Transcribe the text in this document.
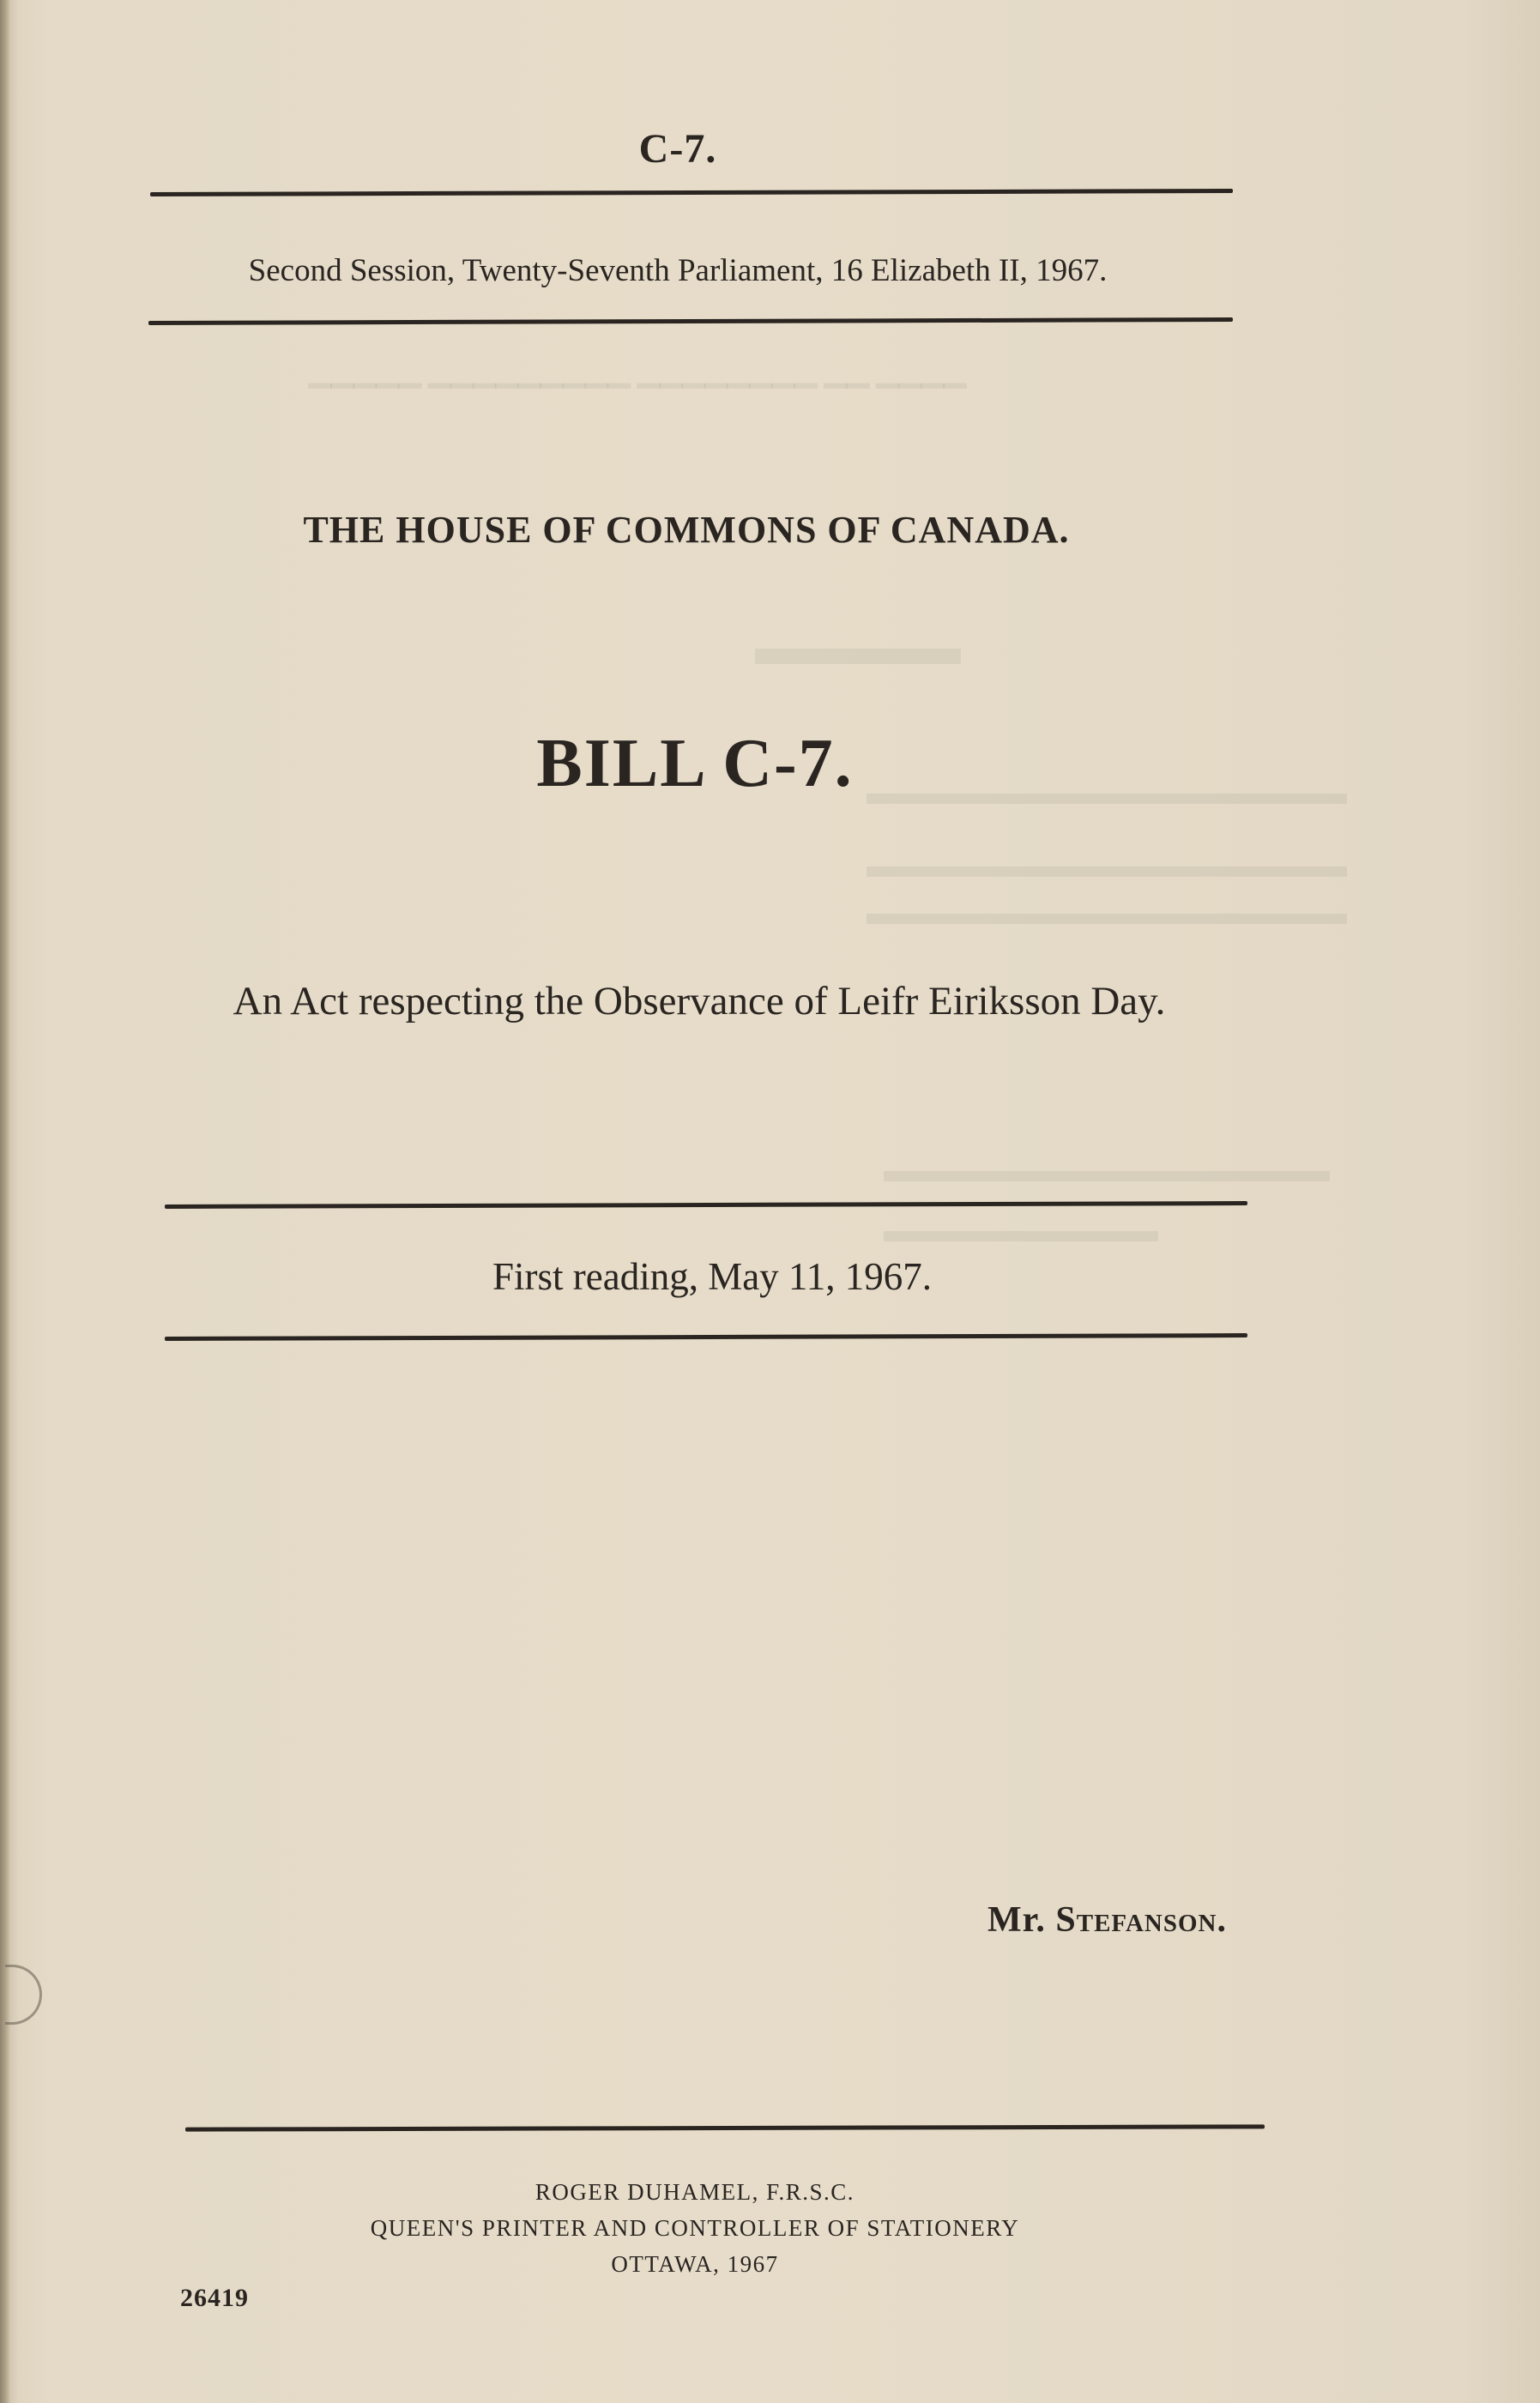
▔▔▔▔▔ ▔▔▔▔▔▔▔▔▔ ▔▔▔▔▔▔▔▔ ▔▔ ▔▔▔▔
▬▬▬▬
▬▬▬▬▬▬▬▬▬▬▬▬▬▬
▬▬▬▬▬▬▬▬▬▬▬▬▬▬
▬▬▬▬▬▬▬▬▬▬▬▬▬▬
▬▬▬▬▬▬▬▬▬▬▬▬▬
▬▬▬▬▬▬▬▬
C-7.
Second Session, Twenty-Seventh Parliament, 16 Elizabeth II, 1967.
THE HOUSE OF COMMONS OF CANADA.
BILL C-7.
An Act respecting the Observance of Leifr Eiriksson Day.
First reading, May 11, 1967.
Mr. Stefanson.
ROGER DUHAMEL, F.R.S.C.
QUEEN'S PRINTER AND CONTROLLER OF STATIONERY
OTTAWA, 1967
26419
